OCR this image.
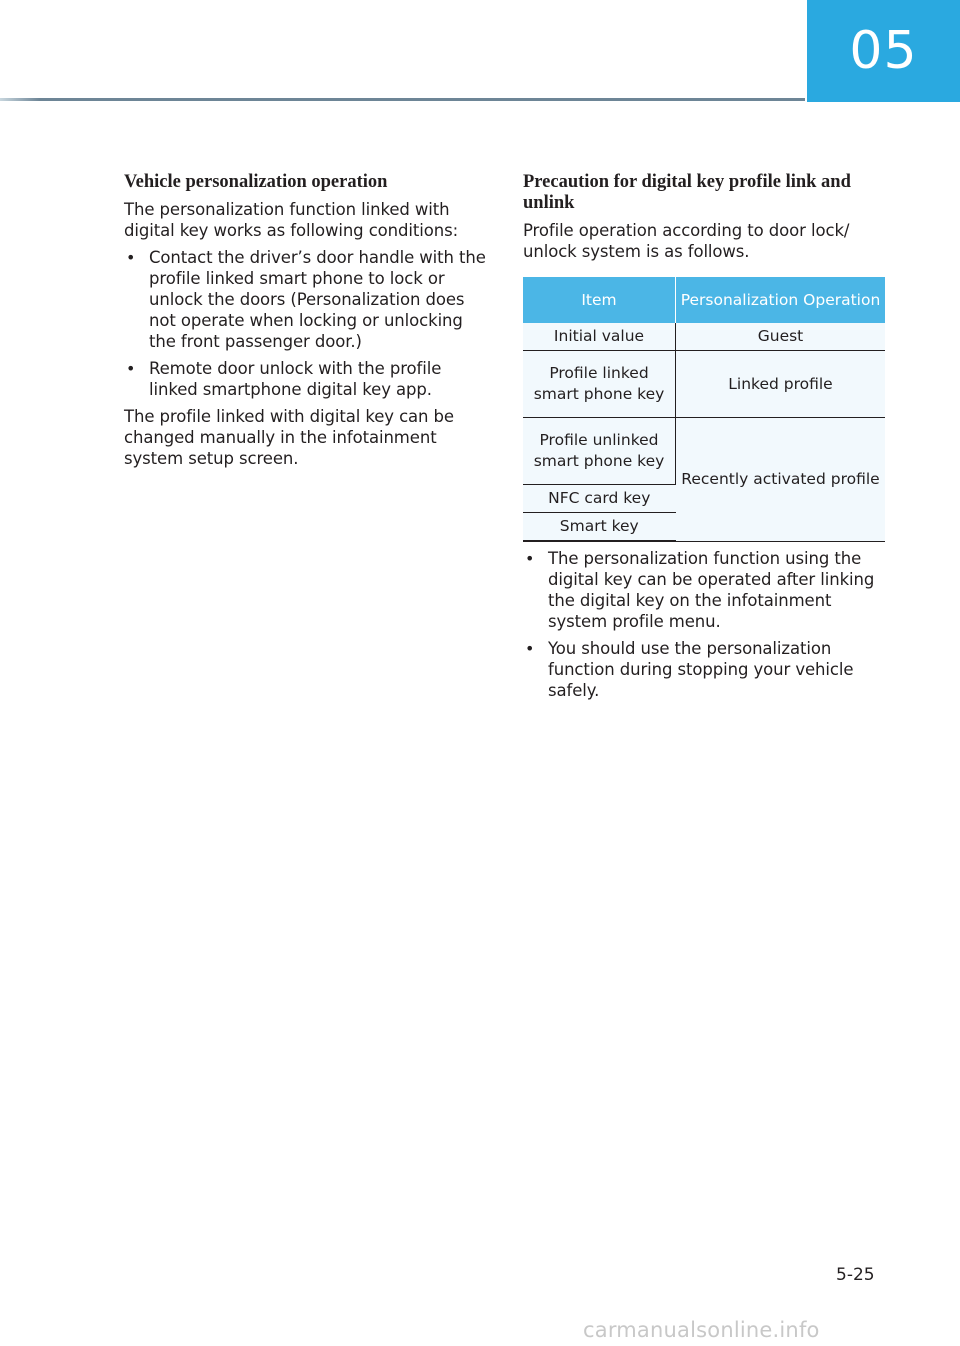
05
Vehicle personalization operation

The personalization function linked with digital key works as following conditions:

• Contact the driver’s door handle with the profile linked smart phone to lock or unlock the doors (Personalization does not operate when locking or unlocking the front passenger door.)
• Remote door unlock with the profile linked smartphone digital key app.

The profile linked with digital key can be changed manually in the infotainment system setup screen.

Precaution for digital key profile link and unlink

Profile operation according to door lock/ unlock system is as follows.

Item	Personalization Operation
Initial value	Guest
Profile linked smart phone key	Linked profile
Profile unlinked smart phone key	Recently activated profile
NFC card key	
Smart key	
• The personalization function using the digital key can be operated after linking the digital key on the infotainment system profile menu.
• You should use the personalization function during stopping your vehicle safely.
5-25
carmanualsonline.info
